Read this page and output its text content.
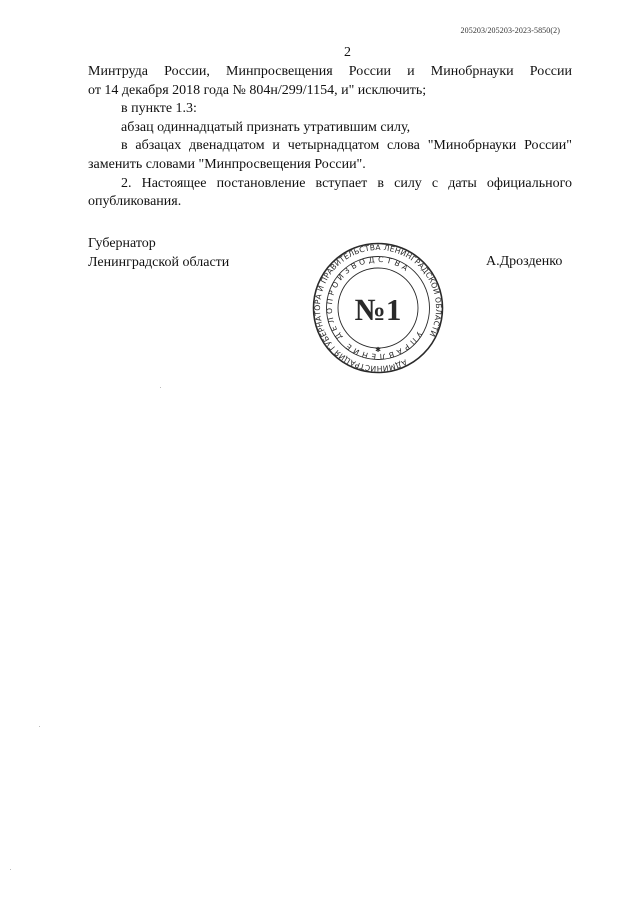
205203/205203-2023-5850(2)
2

Минтруда России, Минпросвещения России и Минобрнауки России

от 14 декабря 2018 года № 804н/299/1154, и" исключить;

в пункте 1.3:

абзац одиннадцатый признать утратившим силу,

в абзацах двенадцатом и четырнадцатом слова "Минобрнауки России" заменить словами "Минпросвещения России".

2. Настоящее постановление вступает в силу с даты официального опубликования.

Губернатор
Ленинградской области	А.Дрозденко
АДМИНИСТРАЦИЯ ГУБЕРНАТОРА И ПРАВИТЕЛЬСТВА ЛЕНИНГРАДСКОЙ ОБЛАСТИ
УПРАВЛЕНИЕ ДЕЛОПРОИЗВОДСТВА
№1
✱
